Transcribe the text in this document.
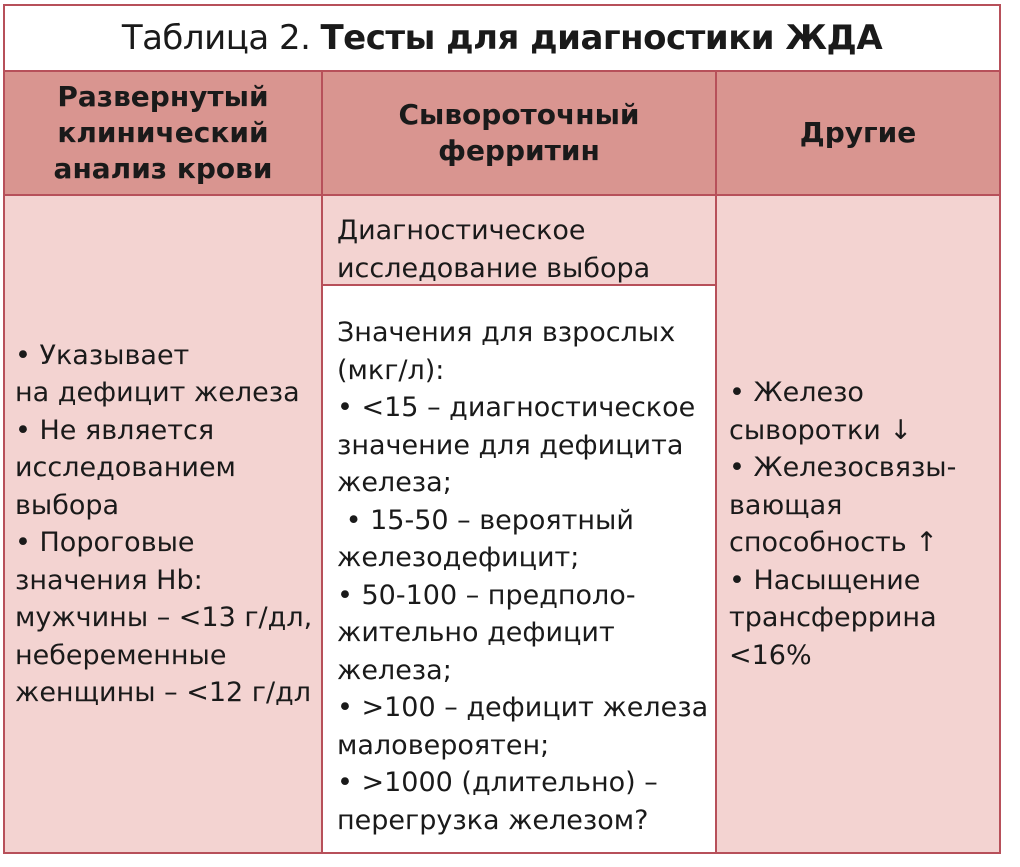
Таблица 2. Тесты для диагностики ЖДА
Развернутый
клинический
анализ крови
Сывороточный
ферритин
Другие
• Указывает
на дефицит железа
• Не является
исследованием
выбора
• Пороговые
значения Hb:
мужчины – <13 г/дл,
небеременные
женщины – <12 г/дл
Диагностическое
исследование выбора
Значения для взрослых
(мкг/л):
• <15 – диагностическое
значение для дефицита
железа;
• 15-50 – вероятный
железодефицит;
• 50-100 – предполо-
жительно дефицит
железа;
• >100 – дефицит железа
маловероятен;
• >1000 (длительно) –
перегрузка железом?
• Железо
сыворотки ↓
• Железосвязы-
вающая
способность ↑
• Насыщение
трансферрина
<16%
